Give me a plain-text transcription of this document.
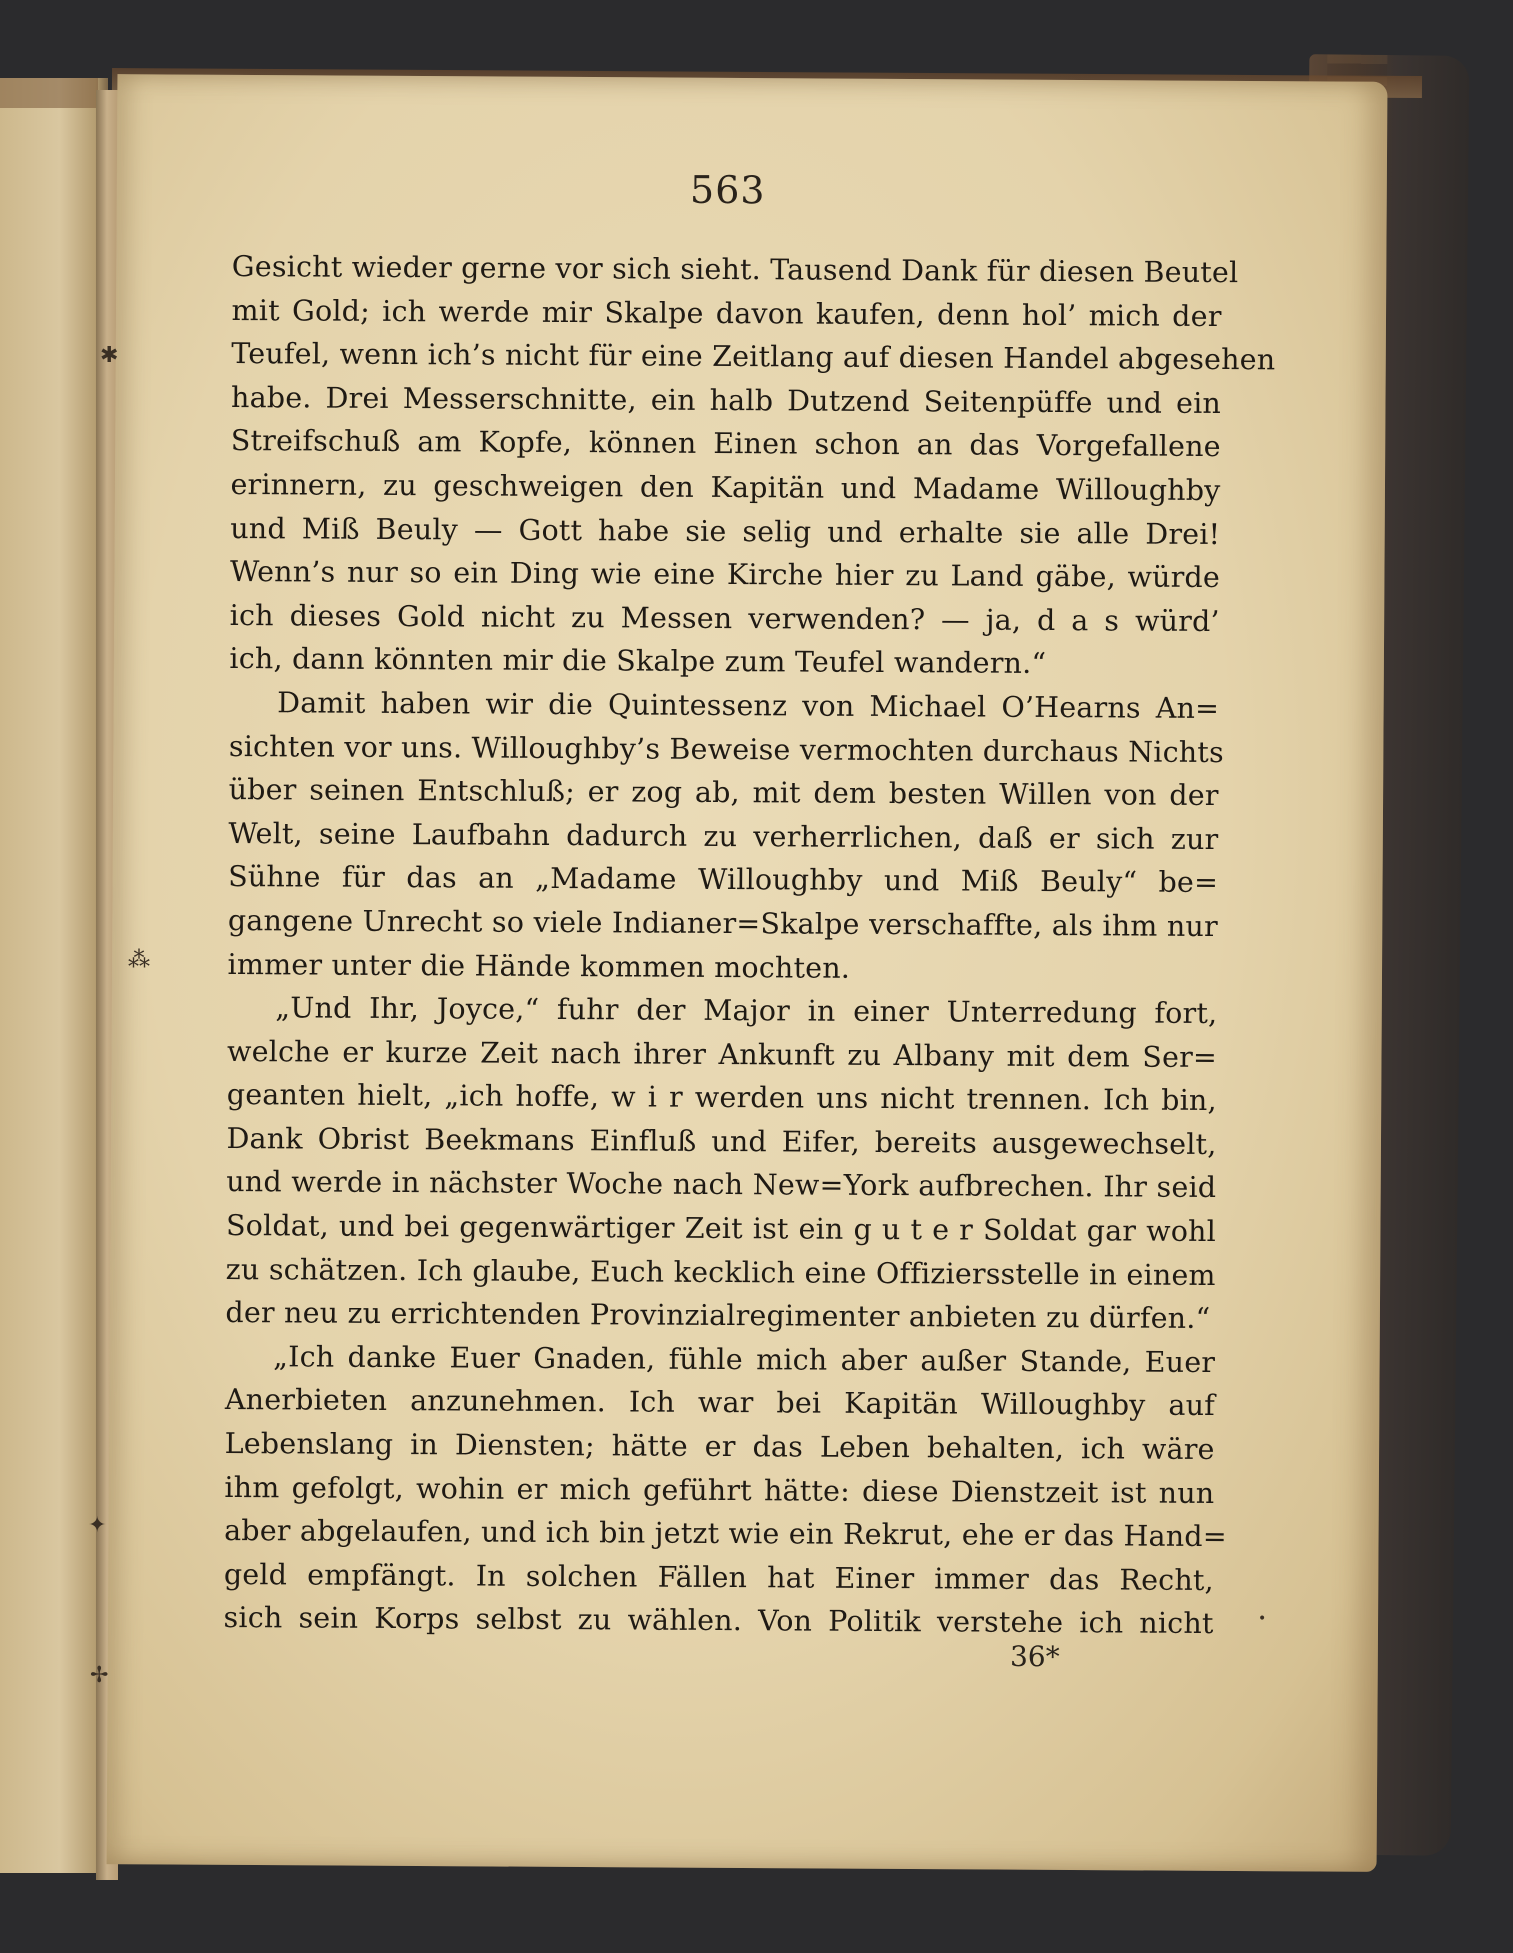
✱
⁂
✦
✢
•
563
Gesicht wieder gerne vor sich sieht. Tausend Dank für diesen Beutel
mit Gold; ich werde mir Skalpe davon kaufen, denn hol’ mich der
Teufel, wenn ich’s nicht für eine Zeitlang auf diesen Handel abgesehen
habe. Drei Messerschnitte, ein halb Dutzend Seitenpüffe und ein
Streifschuß am Kopfe, können Einen schon an das Vorgefallene
erinnern, zu geschweigen den Kapitän und Madame Willoughby
und Miß Beuly — Gott habe sie selig und erhalte sie alle Drei!
Wenn’s nur so ein Ding wie eine Kirche hier zu Land gäbe, würde
ich dieses Gold nicht zu Messen verwenden? — ja, d a s würd’
ich, dann könnten mir die Skalpe zum Teufel wandern.“
Damit haben wir die Quintessenz von Michael O’Hearns An=
sichten vor uns. Willoughby’s Beweise vermochten durchaus Nichts
über seinen Entschluß; er zog ab, mit dem besten Willen von der
Welt, seine Laufbahn dadurch zu verherrlichen, daß er sich zur
Sühne für das an „Madame Willoughby und Miß Beuly“ be=
gangene Unrecht so viele Indianer=Skalpe verschaffte, als ihm nur
immer unter die Hände kommen mochten.
„Und Ihr, Joyce,“ fuhr der Major in einer Unterredung fort,
welche er kurze Zeit nach ihrer Ankunft zu Albany mit dem Ser=
geanten hielt, „ich hoffe, w i r werden uns nicht trennen. Ich bin,
Dank Obrist Beekmans Einfluß und Eifer, bereits ausgewechselt,
und werde in nächster Woche nach New=York aufbrechen. Ihr seid
Soldat, und bei gegenwärtiger Zeit ist ein g u t e r Soldat gar wohl
zu schätzen. Ich glaube, Euch kecklich eine Offiziersstelle in einem
der neu zu errichtenden Provinzialregimenter anbieten zu dürfen.“
„Ich danke Euer Gnaden, fühle mich aber außer Stande, Euer
Anerbieten anzunehmen. Ich war bei Kapitän Willoughby auf
Lebenslang in Diensten; hätte er das Leben behalten, ich wäre
ihm gefolgt, wohin er mich geführt hätte: diese Dienstzeit ist nun
aber abgelaufen, und ich bin jetzt wie ein Rekrut, ehe er das Hand=
geld empfängt. In solchen Fällen hat Einer immer das Recht,
sich sein Korps selbst zu wählen. Von Politik verstehe ich nicht
36*
